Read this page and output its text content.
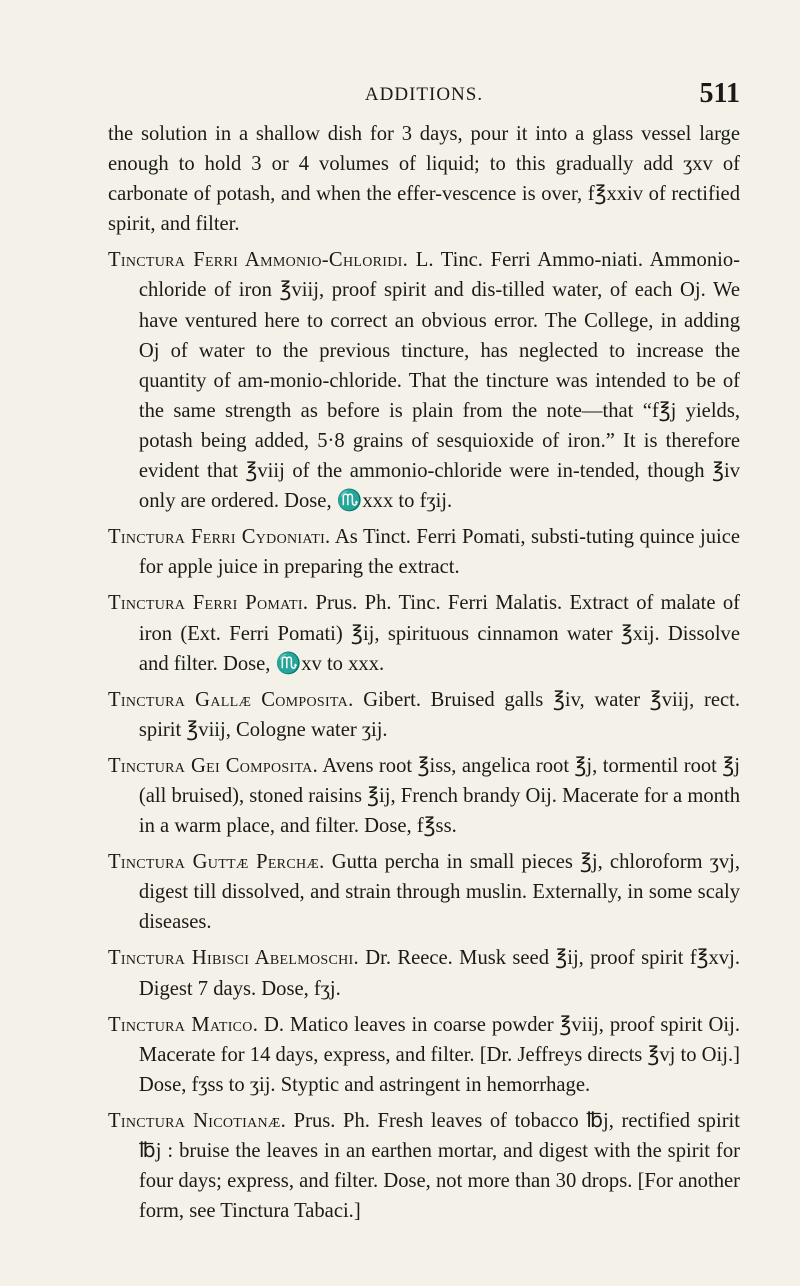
ADDITIONS.	511

the solution in a shallow dish for 3 days, pour it into a glass vessel large enough to hold 3 or 4 volumes of liquid; to this gradually add ʒxv of carbonate of potash, and when the effer-vescence is over, f℥xxiv of rectified spirit, and filter.

Tinctura Ferri Ammonio-Chloridi. L. Tinc. Ferri Ammo-niati. Ammonio-chloride of iron ℥viij, proof spirit and dis-tilled water, of each Oj. We have ventured here to correct an obvious error. The College, in adding Oj of water to the previous tincture, has neglected to increase the quantity of am-monio-chloride. That the tincture was intended to be of the same strength as before is plain from the note—that “f℥j yields, potash being added, 5·8 grains of sesquioxide of iron.” It is therefore evident that ℥viij of the ammonio-chloride were in-tended, though ℥iv only are ordered. Dose, ♏xxx to fʒij.

Tinctura Ferri Cydoniati. As Tinct. Ferri Pomati, substi-tuting quince juice for apple juice in preparing the extract.

Tinctura Ferri Pomati. Prus. Ph. Tinc. Ferri Malatis. Extract of malate of iron (Ext. Ferri Pomati) ℥ij, spirituous cinnamon water ℥xij. Dissolve and filter. Dose, ♏xv to xxx.

Tinctura Gallæ Composita. Gibert. Bruised galls ℥iv, water ℥viij, rect. spirit ℥viij, Cologne water ʒij.

Tinctura Gei Composita. Avens root ℥iss, angelica root ℥j, tormentil root ℥j (all bruised), stoned raisins ℥ij, French brandy Oij. Macerate for a month in a warm place, and filter. Dose, f℥ss.

Tinctura Guttæ Perchæ. Gutta percha in small pieces ℥j, chloroform ʒvj, digest till dissolved, and strain through muslin. Externally, in some scaly diseases.

Tinctura Hibisci Abelmoschi. Dr. Reece. Musk seed ℥ij, proof spirit f℥xvj. Digest 7 days. Dose, fʒj.

Tinctura Matico. D. Matico leaves in coarse powder ℥viij, proof spirit Oij. Macerate for 14 days, express, and filter. [Dr. Jeffreys directs ℥vj to Oij.] Dose, fʒss to ʒij. Styptic and astringent in hemorrhage.

Tinctura Nicotianæ. Prus. Ph. Fresh leaves of tobacco ℔j, rectified spirit ℔j : bruise the leaves in an earthen mortar, and digest with the spirit for four days; express, and filter. Dose, not more than 30 drops. [For another form, see Tinctura Tabaci.]
